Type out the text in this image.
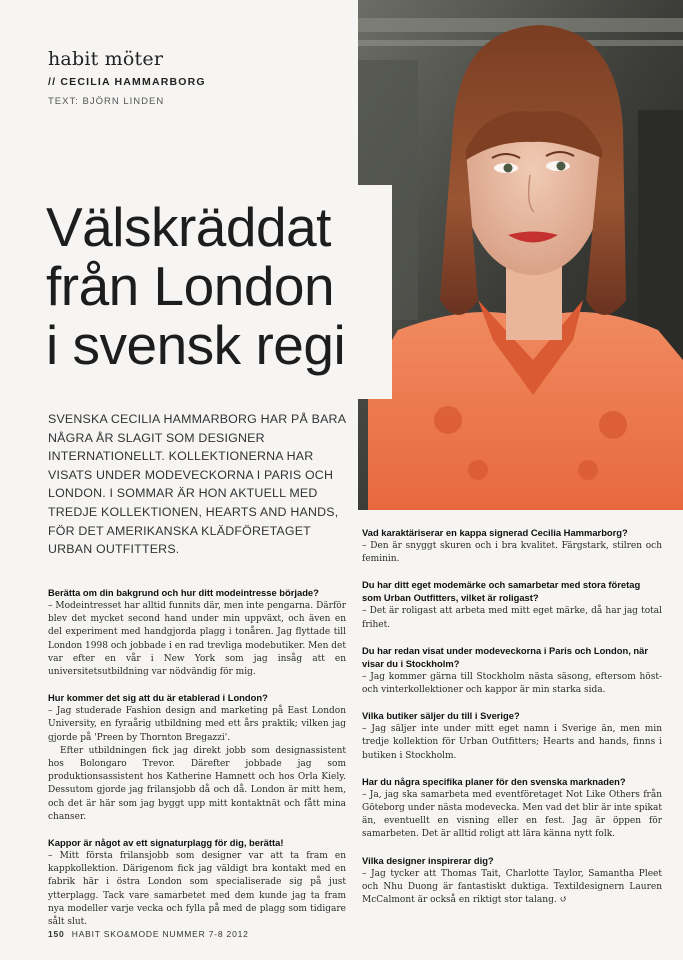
habit möter
// CECILIA HAMMARBORG
TEXT: BJÖRN LINDEN
Välskräddat
från London
i svensk regi
SVENSKA CECILIA HAMMARBORG HAR PÅ BARA NÅGRA ÅR SLAGIT SOM DESIGNER INTERNATIONELLT. KOLLEKTIONERNA HAR VISATS UNDER MODEVECKORNA I PARIS OCH LONDON. I SOMMAR ÄR HON AKTUELL MED TREDJE KOLLEKTIONEN, HEARTS AND HANDS, FÖR DET AMERIKANSKA KLÄDFÖRETAGET URBAN OUTFITTERS.
Berätta om din bakgrund och hur ditt modeintresse började?

– Modeintresset har alltid funnits där, men inte pengarna. Därför blev det mycket second hand under min uppväxt, och även en del experiment med handgjorda plagg i tonåren. Jag flyttade till London 1998 och jobbade i en rad trevliga modebutiker. Men det var efter en vår i New York som jag insåg att en universitetsutbildning var nödvändig för mig.

Hur kommer det sig att du är etablerad i London?

– Jag studerade Fashion design and marketing på East London University, en fyraårig utbildning med ett års praktik; vilken jag gjorde på 'Preen by Thornton Bregazzi'.

Efter utbildningen fick jag direkt jobb som designassistent hos Bolongaro Trevor. Därefter jobbade jag som produktionsassistent hos Katherine Hamnett och hos Orla Kiely. Dessutom gjorde jag frilansjobb då och då. London är mitt hem, och det är här som jag byggt upp mitt kontaktnät och fått mina chanser.

Kappor är något av ett signaturplagg för dig, berätta!

– Mitt första frilansjobb som designer var att ta fram en kappkollektion. Därigenom fick jag väldigt bra kontakt med en fabrik här i östra London som specialiserade sig på just ytterplagg. Tack vare samarbetet med dem kunde jag ta fram nya modeller varje vecka och fylla på med de plagg som tidigare sålt slut.

Vad karaktäriserar en kappa signerad Cecilia Hammarborg?

– Den är snyggt skuren och i bra kvalitet. Färgstark, stilren och feminin.

Du har ditt eget modemärke och samarbetar med stora företag som Urban Outfitters, vilket är roligast?

– Det är roligast att arbeta med mitt eget märke, då har jag total frihet.

Du har redan visat under modeveckorna i Paris och London, när visar du i Stockholm?

– Jag kommer gärna till Stockholm nästa säsong, eftersom höst- och vinterkollektioner och kappor är min starka sida.

Vilka butiker säljer du till i Sverige?

– Jag säljer inte under mitt eget namn i Sverige än, men min tredje kollektion för Urban Outfitters; Hearts and hands, finns i butiken i Stockholm.

Har du några specifika planer för den svenska marknaden?

– Ja, jag ska samarbeta med eventföretaget Not Like Others från Göteborg under nästa modevecka. Men vad det blir är inte spikat än, eventuellt en visning eller en fest. Jag är öppen för samarbeten. Det är alltid roligt att lära känna nytt folk.

Vilka designer inspirerar dig?

– Jag tycker att Thomas Tait, Charlotte Taylor, Samantha Pleet och Nhu Duong är fantastiskt duktiga. Textildesignern Lauren McCalmont är också en riktigt stor talang. ↺

150 HABIT SKO&MODE NUMMER 7-8 2012
